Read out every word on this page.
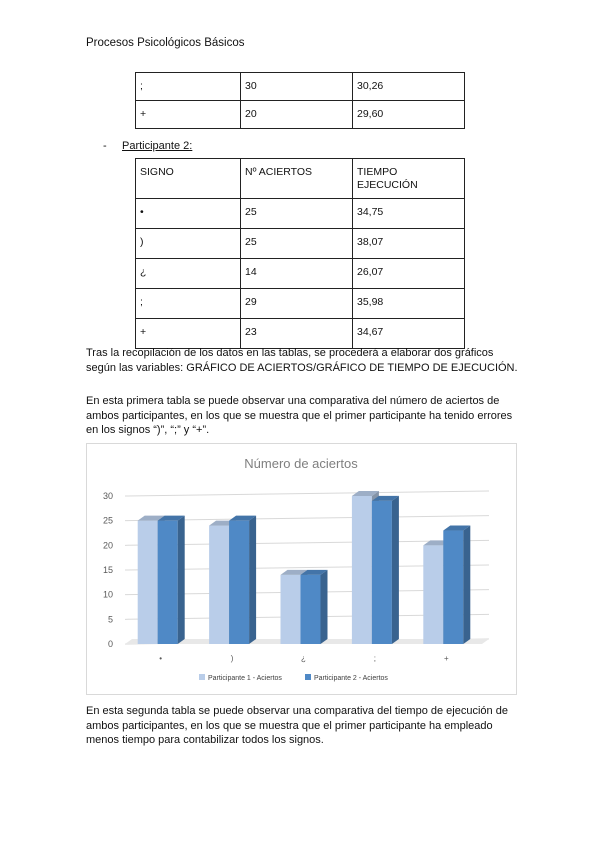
Procesos Psicológicos Básicos
;	30	30,26
+	20	29,60
- Participante 2:
SIGNO	Nº ACIERTOS	TIEMPO
EJECUCIÓN

•	25	34,75
)	25	38,07
¿	14	26,07
;	29	35,98
+	23	34,67
Tras la recopilación de los datos en las tablas, se procederá a elaborar dos gráficos según las variables: GRÁFICO DE ACIERTOS/GRÁFICO DE TIEMPO DE EJECUCIÓN.
En esta primera tabla se puede observar una comparativa del número de aciertos de ambos participantes, en los que se muestra que el primer participante ha tenido errores en los signos “)”, “;” y “+”.
Número de aciertos
0
5
10
15
20
25
30
•	)	¿	;	+
Participante 1 - Aciertos	Participante 2 - Aciertos
En esta segunda tabla se puede observar una comparativa del tiempo de ejecución de ambos participantes, en los que se muestra que el primer participante ha empleado menos tiempo para contabilizar todos los signos.
